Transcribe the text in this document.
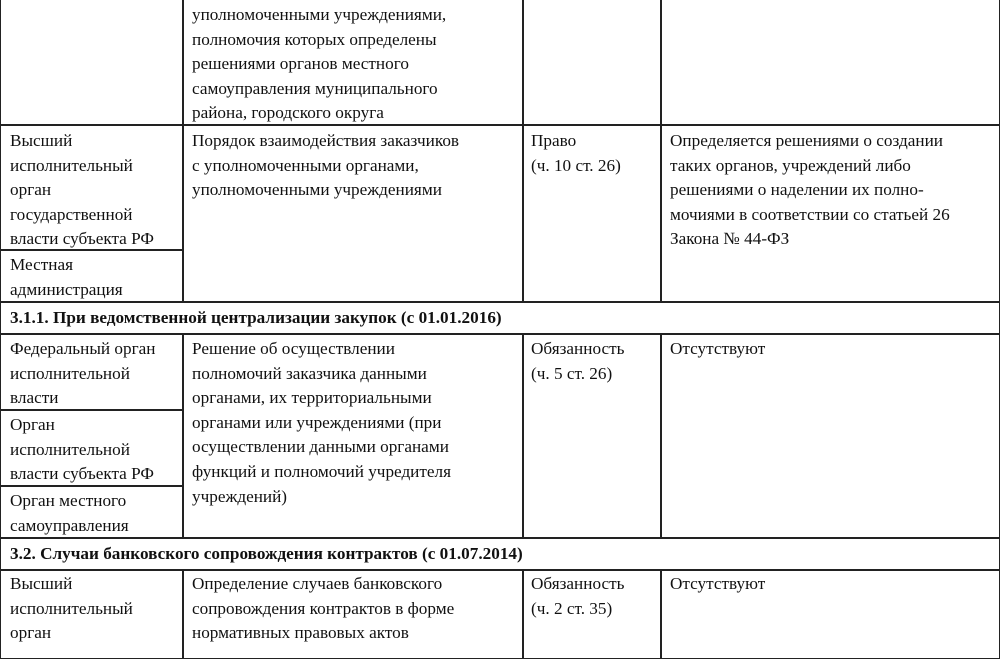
уполномоченными учреждениями,
полномочия которых определены
решениями органов местного
самоуправления муниципального
района, городского округа
Высший
исполнительный
орган
государственной
власти субъекта РФ
Местная
администрация
Порядок взаимодействия заказчиков
с уполномоченными органами,
уполномоченными учреждениями
Право
(ч. 10 ст. 26)
Определяется решениями о создании
таких органов, учреждений либо
решениями о наделении их полно-
мочиями в соответствии со статьей 26
Закона № 44-ФЗ
3.1.1. При ведомственной централизации закупок (с 01.01.2016)
Федеральный орган
исполнительной
власти
Орган
исполнительной
власти субъекта РФ
Орган местного
самоуправления
Решение об осуществлении
полномочий заказчика данными
органами, их территориальными
органами или учреждениями (при
осуществлении данными органами
функций и полномочий учредителя
учреждений)
Обязанность
(ч. 5 ст. 26)
Отсутствуют
3.2. Случаи банковского сопровождения контрактов (с 01.07.2014)
Высший
исполнительный
орган
Определение случаев банковского
сопровождения контрактов в форме
нормативных правовых актов
Обязанность
(ч. 2 ст. 35)
Отсутствуют
